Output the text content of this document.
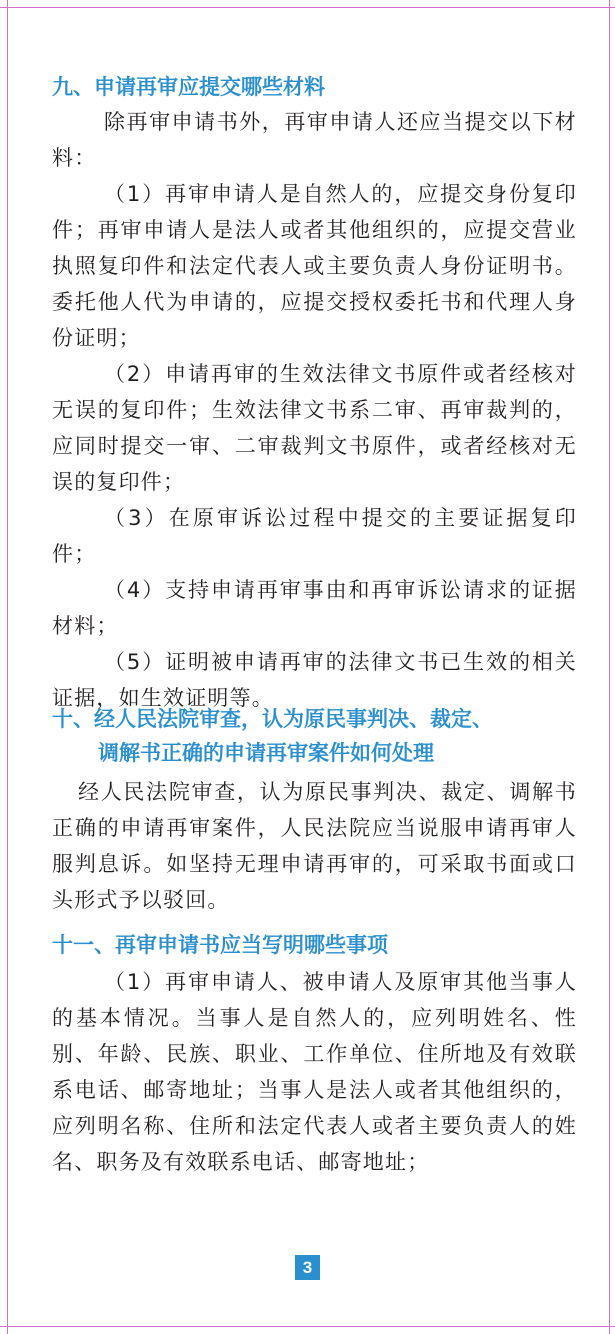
九、申请再审应提交哪些材料

除再审申请书外，再审申请人还应当提交以下材料：

（1）再审申请人是自然人的，应提交身份复印件；再审申请人是法人或者其他组织的，应提交营业执照复印件和法定代表人或主要负责人身份证明书。委托他人代为申请的，应提交授权委托书和代理人身份证明；

（2）申请再审的生效法律文书原件或者经核对无误的复印件；生效法律文书系二审、再审裁判的，应同时提交一审、二审裁判文书原件，或者经核对无误的复印件；

（3）在原审诉讼过程中提交的主要证据复印件；

（4）支持申请再审事由和再审诉讼请求的证据材料；

（5）证明被申请再审的法律文书已生效的相关证据，如生效证明等。

十、经人民法院审查，认为原民事判决、裁定、
调解书正确的申请再审案件如何处理

经人民法院审查，认为原民事判决、裁定、调解书正确的申请再审案件，人民法院应当说服申请再审人服判息诉。如坚持无理申请再审的，可采取书面或口头形式予以驳回。

十一、再审申请书应当写明哪些事项

（1）再审申请人、被申请人及原审其他当事人的基本情况。当事人是自然人的，应列明姓名、性别、年龄、民族、职业、工作单位、住所地及有效联系电话、邮寄地址；当事人是法人或者其他组织的，应列明名称、住所和法定代表人或者主要负责人的姓名、职务及有效联系电话、邮寄地址；

3
